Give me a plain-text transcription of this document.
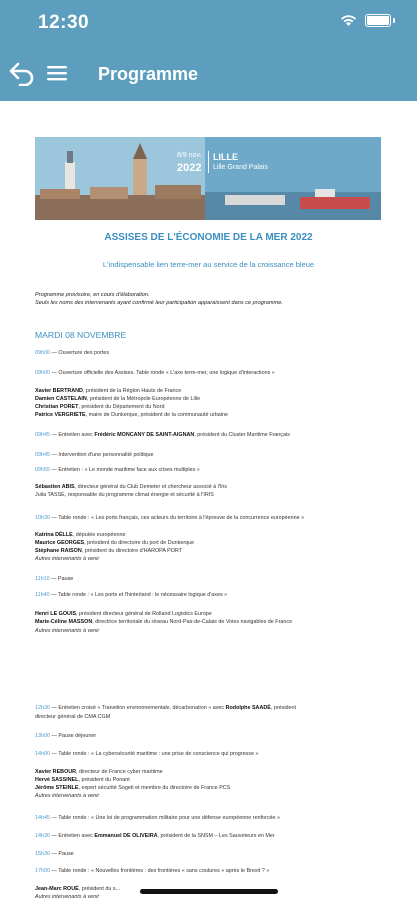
12:30
Programme
8/9 nov.
2022
LILLE
Lille Grand Palais
ASSISES DE L'ÉCONOMIE DE LA MER 2022
L'indispensable lien terre-mer au service de la croissance bleue
Programme provisoire, en cours d'élaboration.
Seuls les noms des intervenants ayant confirmé leur participation apparaissent dans ce programme.
MARDI 08 NOVEMBRE
09h00 — Ouverture des portes
09h00 — Ouverture officielle des Assises. Table ronde « L'axe terre-mer, une logique d'interactions »
Xavier BERTRAND, président de la Région Hauts de France
Damien CASTELAIN, président de la Métropole Européenne de Lille
Christian PORET, président du Département du Nord
Patrice VERGRIETE, maire de Dunkerque, président de la communauté urbaine
09h45 — Entretien avec Frédéric MONCANY DE SAINT-AIGNAN, président du Cluster Maritime Français
09h45 — Intervention d'une personnalité politique
09h55 — Entretien : « Le monde maritime face aux crises multiples »
Sébastien ABIS, directeur général du Club Demeter et chercheur associé à l'Iris
Julia TASSE, responsable du programme climat énergie et sécurité à l'IRIS
10h30 — Table ronde : « Les ports français, ces acteurs du territoire à l'épreuve de la concurrence européenne »
Katrina DÉLLE, députée européenne
Maurice GEORGES, président du directoire du port de Dunkerque
Stéphane RAISON, président du directoire d'HAROPA PORT
Autres intervenants à venir
11h10 — Pause
11h40 — Table ronde : « Les ports et l'hinterland : le nécessaire logique d'axes »
Henri LE GOUIS, président directeur général de Rolland Logistics Europe
Marie-Céline MASSON, directrice territoriale du réseau Nord-Pas-de-Calais de Voies navigables de France
Autres intervenants à venir
12h30 — Entretien croisé « Transition environnementale, décarbonation » avec Rodolphe SAADÉ, président
directeur général de CMA CGM
13h00 — Pause déjeuner
14h00 — Table ronde : « La cybersécurité maritime : une prise de conscience qui progresse »
Xavier REBOUR, directeur de France cyber maritime
Hervé SASSINEL, président du Ponant
Jérôme STEINLE, expert sécurité Sogeti et membre du directoire de France PCS
Autres intervenants à venir
14h45 — Table ronde : « Une loi de programmation militaire pour une défense européenne renforcée »
14h30 — Entretien avec Emmanuel DE OLIVEIRA, président de la SNSM – Les Sauveteurs en Mer
15h30 — Pause
17h00 — Table ronde : « Nouvelles frontières : des frontières « sans coutures » après le Brexit ? »
Jean-Marc ROUÉ, président du s...
Autres intervenants à venir
